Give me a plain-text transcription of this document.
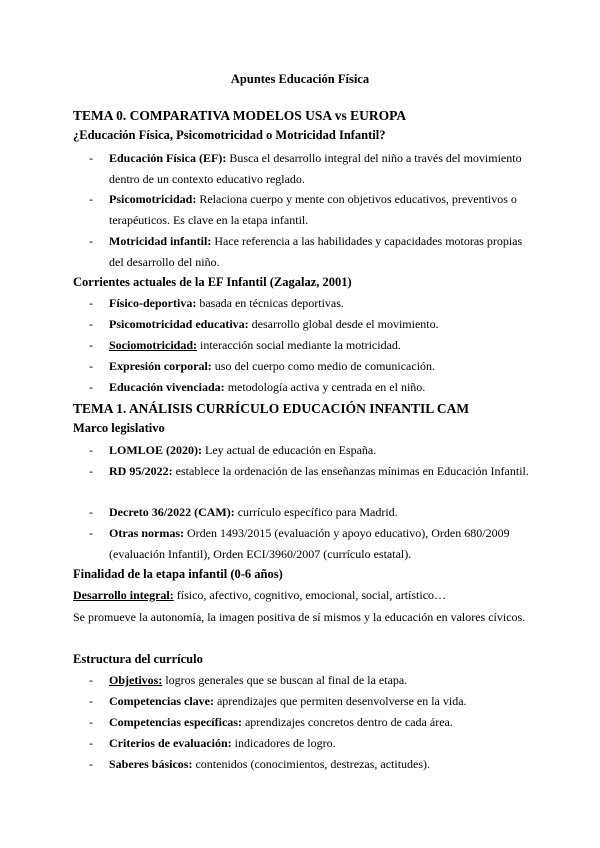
Apuntes Educación Física
TEMA 0. COMPARATIVA MODELOS USA vs EUROPA
¿Educación Física, Psicomotricidad o Motricidad Infantil?
- Educación Física (EF): Busca el desarrollo integral del niño a través del movimiento dentro de un contexto educativo reglado.
- Psicomotricidad: Relaciona cuerpo y mente con objetivos educativos, preventivos o terapéuticos. Es clave en la etapa infantil.
- Motricidad infantil: Hace referencia a las habilidades y capacidades motoras propias del desarrollo del niño.
Corrientes actuales de la EF Infantil (Zagalaz, 2001)
- Físico-deportiva: basada en técnicas deportivas.
- Psicomotricidad educativa: desarrollo global desde el movimiento.
- Sociomotricidad: interacción social mediante la motricidad.
- Expresión corporal: uso del cuerpo como medio de comunicación.
- Educación vivenciada: metodología activa y centrada en el niño.
TEMA 1. ANÁLISIS CURRÍCULO EDUCACIÓN INFANTIL CAM
Marco legislativo
- LOMLOE (2020): Ley actual de educación en España.
- RD 95/2022: establece la ordenación de las enseñanzas mínimas en Educación Infantil.
- Decreto 36/2022 (CAM): currículo específico para Madrid.
- Otras normas: Orden 1493/2015 (evaluación y apoyo educativo), Orden 680/2009 (evaluación Infantil), Orden ECI/3960/2007 (currículo estatal).
Finalidad de la etapa infantil (0-6 años)
Desarrollo integral: físico, afectivo, cognitivo, emocional, social, artístico…
Se promueve la autonomía, la imagen positiva de sí mismos y la educación en valores cívicos.
Estructura del currículo
- Objetivos: logros generales que se buscan al final de la etapa.
- Competencias clave: aprendizajes que permiten desenvolverse en la vida.
- Competencias específicas: aprendizajes concretos dentro de cada área.
- Criterios de evaluación: indicadores de logro.
- Saberes básicos: contenidos (conocimientos, destrezas, actitudes).
